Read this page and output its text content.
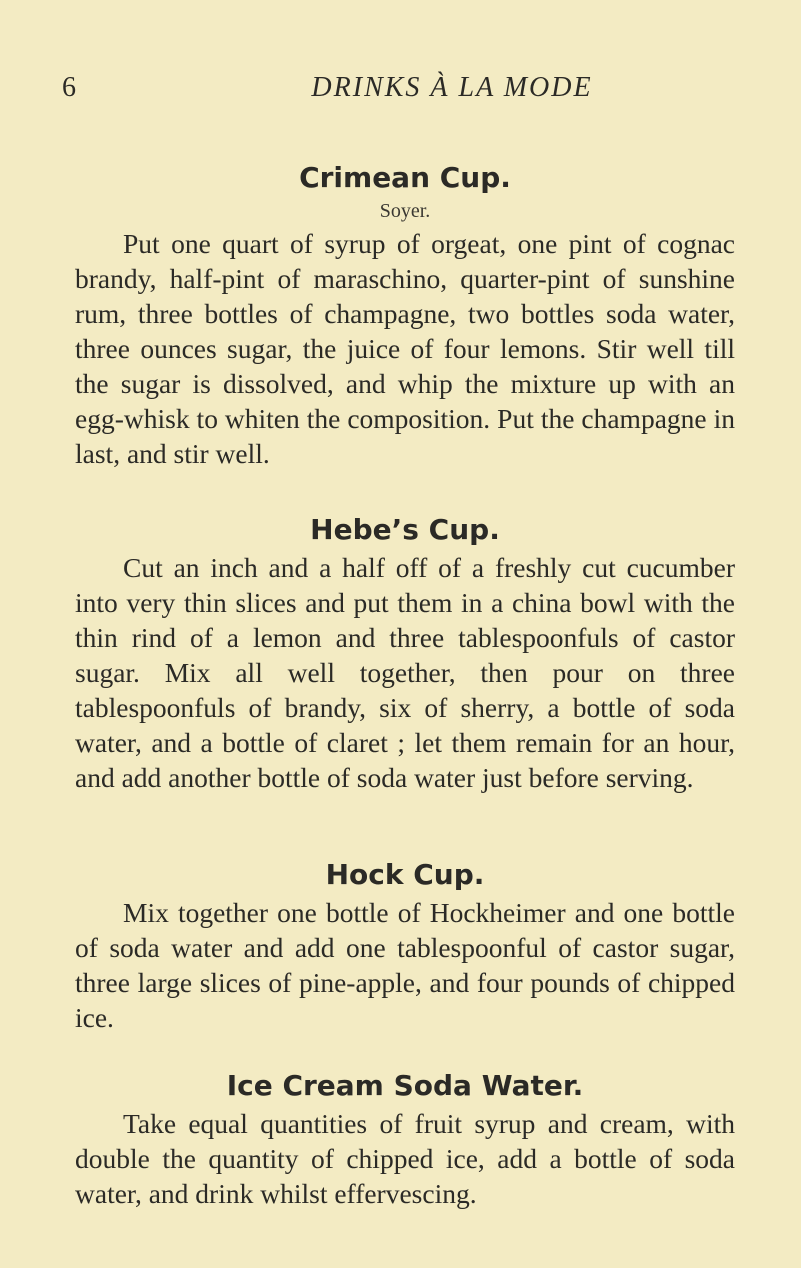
6	DRINKS À LA MODE
Crimean Cup.

Soyer.

Put one quart of syrup of orgeat, one pint of cognac brandy, half-pint of maraschino, quarter-pint of sunshine rum, three bottles of champagne, two bottles soda water, three ounces sugar, the juice of four lemons. Stir well till the sugar is dissolved, and whip the mixture up with an egg-whisk to whiten the composition. Put the champagne in last, and stir well.

Hebe’s Cup.

Cut an inch and a half off of a freshly cut cucumber into very thin slices and put them in a china bowl with the thin rind of a lemon and three tablespoonfuls of castor sugar. Mix all well together, then pour on three tablespoonfuls of brandy, six of sherry, a bottle of soda water, and a bottle of claret ; let them remain for an hour, and add another bottle of soda water just before serving.

Hock Cup.

Mix together one bottle of Hockheimer and one bottle of soda water and add one tablespoonful of castor sugar, three large slices of pine-apple, and four pounds of chipped ice.

Ice Cream Soda Water.

Take equal quantities of fruit syrup and cream, with double the quantity of chipped ice, add a bottle of soda water, and drink whilst effervescing.
